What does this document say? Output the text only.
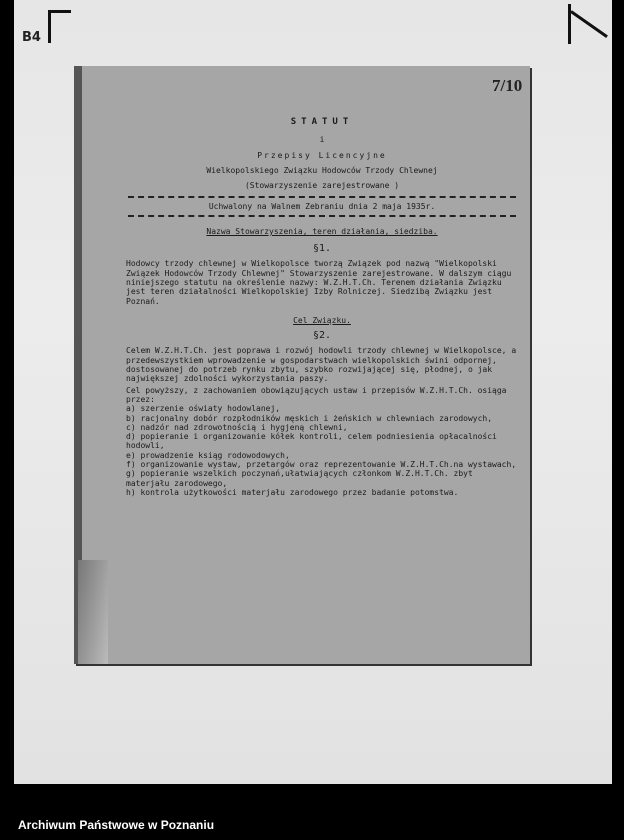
B4
7/10
STATUT
i
Przepisy Licencyjne
Wielkopolskiego Związku Hodowców Trzody Chlewnej
(Stowarzyszenie zarejestrowane )
Uchwalony na Walnem Zebraniu dnia 2 maja 1935r.
Nazwa Stowarzyszenia, teren działania, siedziba.
§1.

Hodowcy trzody chlewnej w Wielkopolsce tworzą Związek pod nazwą "Wielkopolski Związek Hodowców Trzody Chlewnej" Stowarzyszenie zarejestrowane. W dalszym ciągu niniejszego statutu na określenie nazwy: W.Z.H.T.Ch. Terenem działania Związku jest teren działalności Wielkopolskiej Izby Rolniczej. Siedzibą Związku jest Poznań.

Cel Związku.
§2.

Celem W.Z.H.T.Ch. jest poprawa i rozwój hodowli trzody chlewnej w Wielkopolsce, a przedewszystkiem wprowadzenie w gospodarstwach wielkopolskich świni odpornej, dostosowanej do potrzeb rynku zbytu, szybko rozwijającej się, płodnej, o jak największej zdolności wykorzystania paszy.

Cel powyższy, z zachowaniem obowiązujących ustaw i przepisów W.Z.H.T.Ch. osiąga przez:

a) szerzenie oświaty hodowlanej,
b) racjonalny dobór rozpłodników męskich i żeńskich w chlewniach zarodowych,
c) nadzór nad zdrowotnością i hygjeną chlewni,
d) popieranie i organizowanie kółek kontroli, celem podniesienia opłacalności hodowli,
e) prowadzenie ksiąg rodowodowych,
f) organizowanie wystaw, przetargów oraz reprezentowanie W.Z.H.T.Ch.na wystawach,
g) popieranie wszelkich poczynań,ułatwiających członkom W.Z.H.T.Ch. zbyt materjału zarodowego,
h) kontrola użytkowości materjału zarodowego przez badanie potomstwa.
Archiwum Państwowe w Poznaniu
